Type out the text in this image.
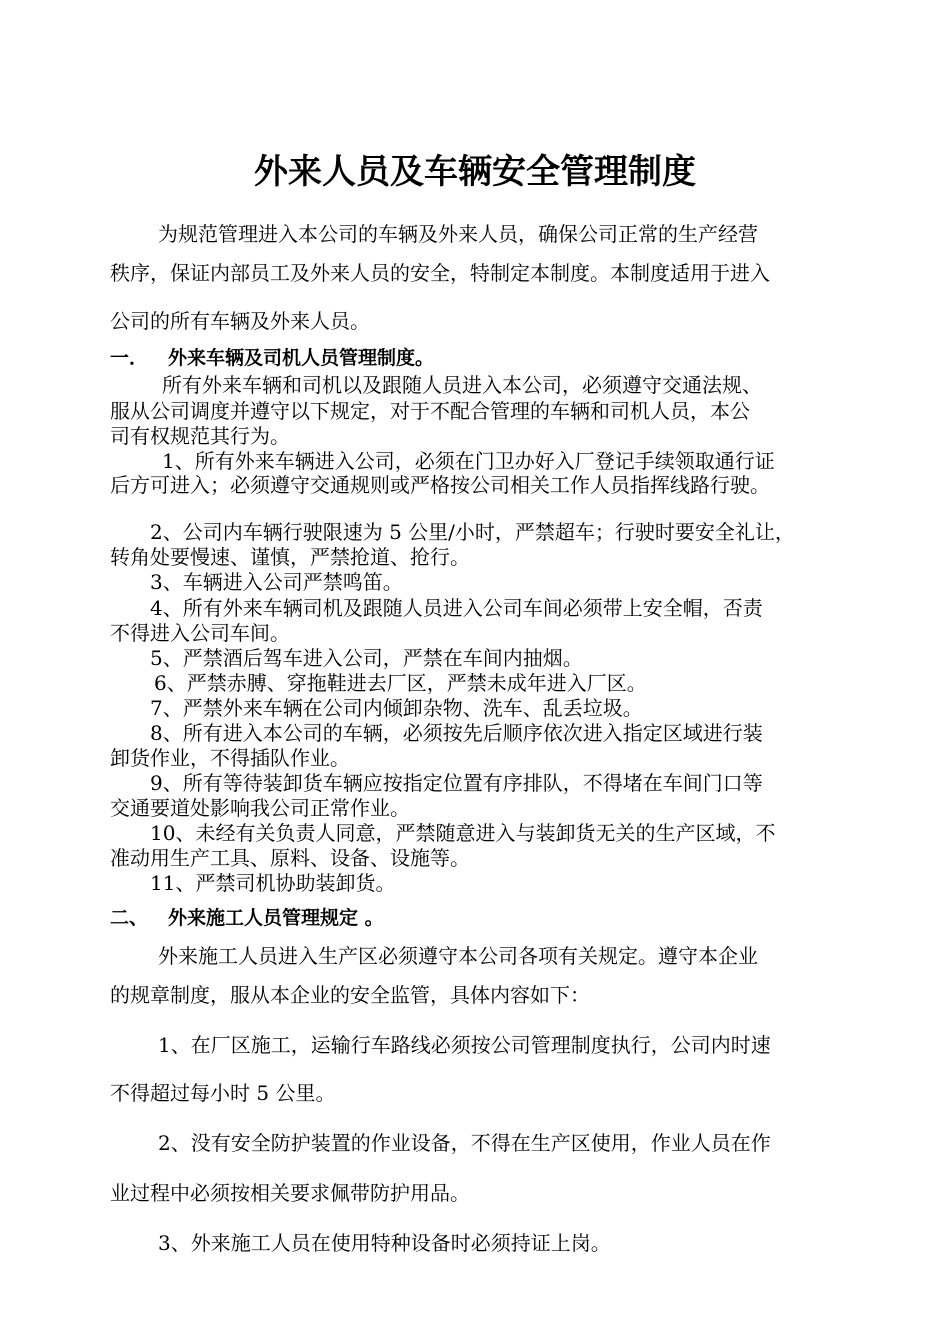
外来人员及车辆安全管理制度

为规范管理进入本公司的车辆及外来人员，确保公司正常的生产经营

秩序，保证内部员工及外来人员的安全，特制定本制度。本制度适用于进入

公司的所有车辆及外来人员。

一． 外来车辆及司机人员管理制度。

所有外来车辆和司机以及跟随人员进入本公司，必须遵守交通法规、

服从公司调度并遵守以下规定，对于不配合管理的车辆和司机人员，本公

司有权规范其行为。

1、所有外来车辆进入公司，必须在门卫办好入厂登记手续领取通行证

后方可进入；必须遵守交通规则或严格按公司相关工作人员指挥线路行驶。

2、公司内车辆行驶限速为 5 公里/小时，严禁超车；行驶时要安全礼让，

转角处要慢速、谨慎，严禁抢道、抢行。

3、车辆进入公司严禁鸣笛。

4、所有外来车辆司机及跟随人员进入公司车间必须带上安全帽，否责

不得进入公司车间。

5、严禁酒后驾车进入公司，严禁在车间内抽烟。

6、严禁赤膊、穿拖鞋进去厂区，严禁未成年进入厂区。

7、严禁外来车辆在公司内倾卸杂物、洗车、乱丢垃圾。

8、所有进入本公司的车辆，必须按先后顺序依次进入指定区域进行装

卸货作业，不得插队作业。

9、所有等待装卸货车辆应按指定位置有序排队，不得堵在车间门口等

交通要道处影响我公司正常作业。

10、未经有关负责人同意，严禁随意进入与装卸货无关的生产区域，不

准动用生产工具、原料、设备、设施等。

11、严禁司机协助装卸货。

二、 外来施工人员管理规定 。

外来施工人员进入生产区必须遵守本公司各项有关规定。遵守本企业

的规章制度，服从本企业的安全监管，具体内容如下：

1、在厂区施工，运输行车路线必须按公司管理制度执行，公司内时速

不得超过每小时 5 公里。

2、没有安全防护装置的作业设备，不得在生产区使用，作业人员在作

业过程中必须按相关要求佩带防护用品。

3、外来施工人员在使用特种设备时必须持证上岗。
